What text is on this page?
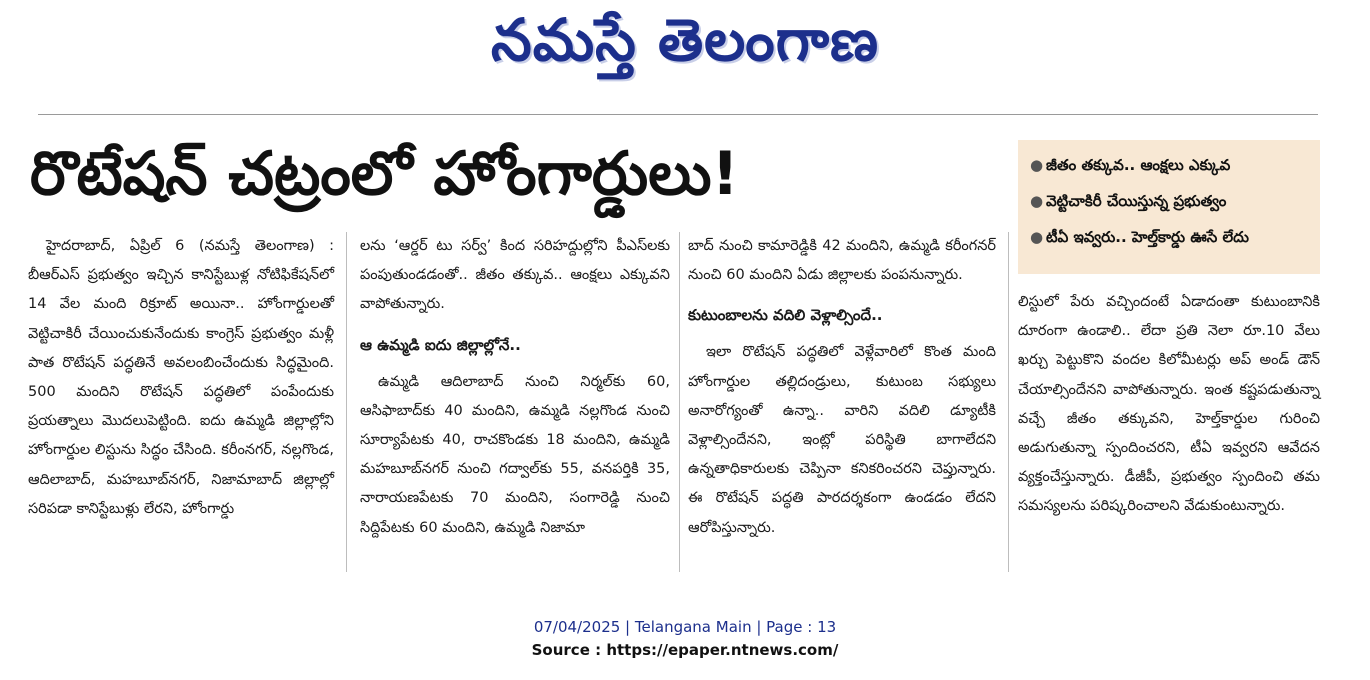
నమస్తే తెలంగాణ
రొటేషన్ చట్రంలో హోంగార్డులు!	● జీతం తక్కువ.. ఆంక్షలు ఎక్కువ
● వెట్టిచాకిరీ చేయిస్తున్న ప్రభుత్వం
● టీఏ ఇవ్వరు.. హెల్త్‌కార్డు ఊసే లేదు

హైదరాబాద్, ఏప్రిల్ 6 (నమస్తే తెలంగాణ) : బీఆర్ఎస్ ప్రభుత్వం ఇచ్చిన కానిస్టేబుళ్ల నోటిఫికేషన్‌లో 14 వేల మంది రిక్రూట్ అయినా.. హోంగార్డులతో వెట్టిచాకిరీ చేయించుకునేందుకు కాంగ్రెస్ ప్రభుత్వం మళ్లీ పాత రొటేషన్ పద్ధతినే అవలంబించేందుకు సిద్ధమైంది. 500 మందిని రొటేషన్ పద్ధతిలో పంపేందుకు ప్రయత్నాలు మొదలుపెట్టింది. ఐదు ఉమ్మడి జిల్లాల్లోని హోంగార్డుల లిస్టును సిద్ధం చేసింది. కరీంనగర్, నల్లగొండ, ఆదిలాబాద్, మహబూబ్‌నగర్, నిజామాబాద్ జిల్లాల్లో సరిపడా కానిస్టేబుళ్లు లేరని, హోంగార్డు

లను ‘ఆర్డర్ టు సర్వ్’ కింద సరిహద్దుల్లోని పీఎస్‌లకు పంపుతుండడంతో.. జీతం తక్కువ.. ఆంక్షలు ఎక్కువని వాపోతున్నారు.

ఆ ఉమ్మడి ఐదు జిల్లాల్లోనే..

ఉమ్మడి ఆదిలాబాద్ నుంచి నిర్మల్‌కు 60, ఆసిఫాబాద్‌కు 40 మందిని, ఉమ్మడి నల్లగొండ నుంచి సూర్యాపేటకు 40, రాచకొండకు 18 మందిని, ఉమ్మడి మహబూబ్‌నగర్ నుంచి గద్వాల్‌కు 55, వనపర్తికి 35, నారాయణపేటకు 70 మందిని, సంగారెడ్డి నుంచి సిద్దిపేటకు 60 మందిని, ఉమ్మడి నిజామా

బాద్ నుంచి కామారెడ్డికి 42 మందిని, ఉమ్మడి కరీంగనర్ నుంచి 60 మందిని ఏడు జిల్లాలకు పంపనున్నారు.

కుటుంబాలను వదిలి వెళ్లాల్సిందే..

ఇలా రొటేషన్ పద్ధతిలో వెళ్లేవారిలో కొంత మంది హోంగార్డుల తల్లిదండ్రులు, కుటుంబ సభ్యులు అనారోగ్యంతో ఉన్నా.. వారిని వదిలి డ్యూటీకి వెళ్లాల్సిందేనని, ఇంట్లో పరిస్థితి బాగాలేదని ఉన్నతాధికారులకు చెప్పినా కనికరించరని చెప్తున్నారు. ఈ రొటేషన్ పద్ధతి పారదర్శకంగా ఉండడం లేదని ఆరోపిస్తున్నారు.

లిస్టులో పేరు వచ్చిందంటే ఏడాదంతా కుటుంబానికి దూరంగా ఉండాలి.. లేదా ప్రతి నెలా రూ.10 వేలు ఖర్చు పెట్టుకొని వందల కిలోమీటర్లు అప్ అండ్ డౌన్ చేయాల్సిందేనని వాపోతున్నారు. ఇంత కష్టపడుతున్నా వచ్చే జీతం తక్కువని, హెల్త్‌కార్డుల గురించి అడుగుతున్నా స్పందించరని, టీఏ ఇవ్వరని ఆవేదన వ్యక్తంచేస్తున్నారు. డీజీపీ, ప్రభుత్వం స్పందించి తమ సమస్యలను పరిష్కరించాలని వేడుకుంటున్నారు.

07/04/2025 | Telangana Main | Page : 13
Source : https://epaper.ntnews.com/
